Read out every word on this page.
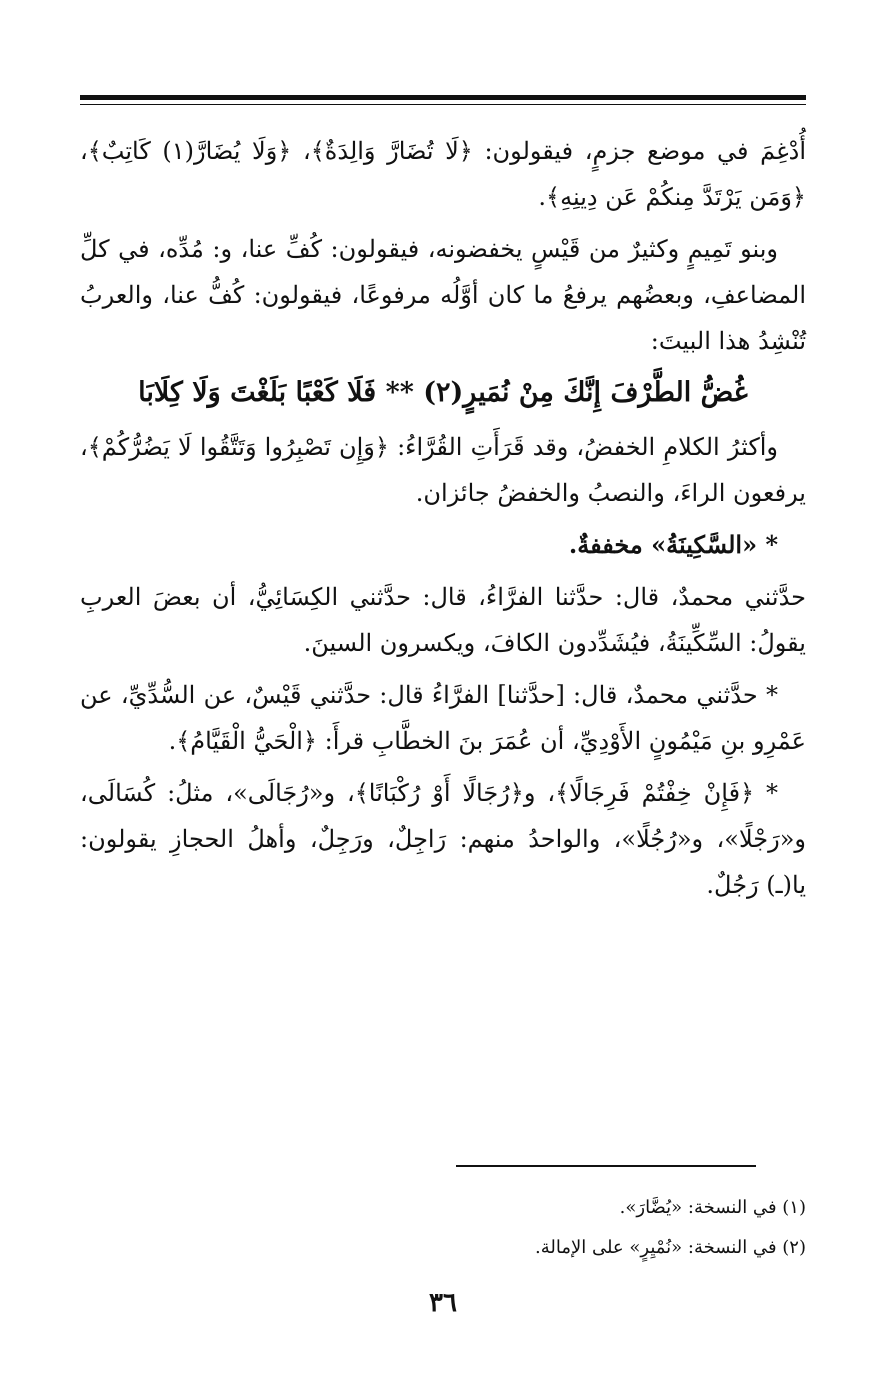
أُدْغِمَ في موضع جزمٍ، فيقولون: ﴿لَا تُضَارَّ وَالِدَةٌ﴾، ﴿وَلَا يُضَارَّ(١) كَاتِبٌ﴾، ﴿وَمَن يَرْتَدَّ مِنكُمْ عَن دِينِهِ﴾.

وبنو تَمِيمٍ وكثيرٌ من قَيْسٍ يخفضونه، فيقولون: كُفِّ عنا، و: مُدِّه، في كلِّ المضاعفِ، وبعضُهم يرفعُ ما كان أوَّلُه مرفوعًا، فيقولون: كُفُّ عنا، والعربُ تُنْشِدُ هذا البيتَ:

غُضُّ الطَّرْفَ إِنَّكَ مِنْ نُمَيرٍ(٢) ** فَلَا كَعْبًا بَلَغْتَ وَلَا كِلَابَا

وأكثرُ الكلامِ الخفضُ، وقد قَرَأَتِ القُرَّاءُ: ﴿وَإِن تَصْبِرُوا وَتَتَّقُوا لَا يَضُرُّكُمْ﴾، يرفعون الراءَ، والنصبُ والخفضُ جائزان.

* «السَّكِينَةُ» مخففةٌ.

حدَّثني محمدٌ، قال: حدَّثنا الفرَّاءُ، قال: حدَّثني الكِسَائِيُّ، أن بعضَ العربِ يقولُ: السِّكِّينَةُ، فيُشَدِّدون الكافَ، ويكسرون السينَ.

* حدَّثني محمدٌ، قال: [حدَّثنا] الفرَّاءُ قال: حدَّثني قَيْسٌ، عن السُّدِّيِّ، عن عَمْرِو بنِ مَيْمُونٍ الأَوْدِيِّ، أن عُمَرَ بنَ الخطَّابِ قرأَ: ﴿الْحَيُّ الْقَيَّامُ﴾.

* ﴿فَإِنْ خِفْتُمْ فَرِجَالًا﴾، و﴿رُجَالًا أَوْ رُكْبَانًا﴾، و«رُجَالَى»، مثلُ: كُسَالَى، و«رَجْلًا»، و«رُجُلًا»، والواحدُ منهم: رَاجِلٌ، ورَجِلٌ، وأهلُ الحجازِ يقولون: يا(ـ) رَجُلٌ.

(١) في النسخة: «يُضَّارَ».
(٢) في النسخة: «نُمْيِرٍ» على الإمالة.
٣٦
